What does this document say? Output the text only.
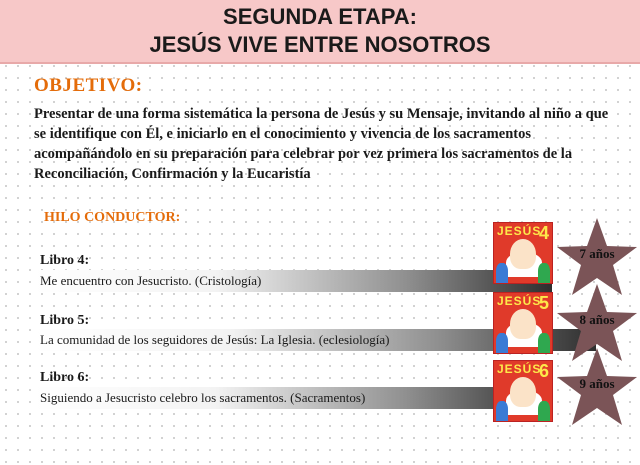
SEGUNDA ETAPA:
JESÚS VIVE ENTRE NOSOTROS
OBJETIVO:
Presentar de una forma sistemática la persona de Jesús y su Mensaje, invitando al niño a que se identifique con Él, e iniciarlo en el conocimiento y vivencia de los sacramentos acompañándolo en su preparación para celebrar por vez primera los sacramentos de la Reconciliación, Confirmación y la Eucaristía
HILO CONDUCTOR:
Libro 4:
Me encuentro con Jesucristo. (Cristología)
JESÚS
4
7 años
Libro 5:
La comunidad de los seguidores de Jesús: La Iglesia. (eclesiología)
JESÚS
5
8 años
Libro 6:
Siguiendo a Jesucristo celebro los sacramentos. (Sacramentos)
JESÚS
6
9 años
